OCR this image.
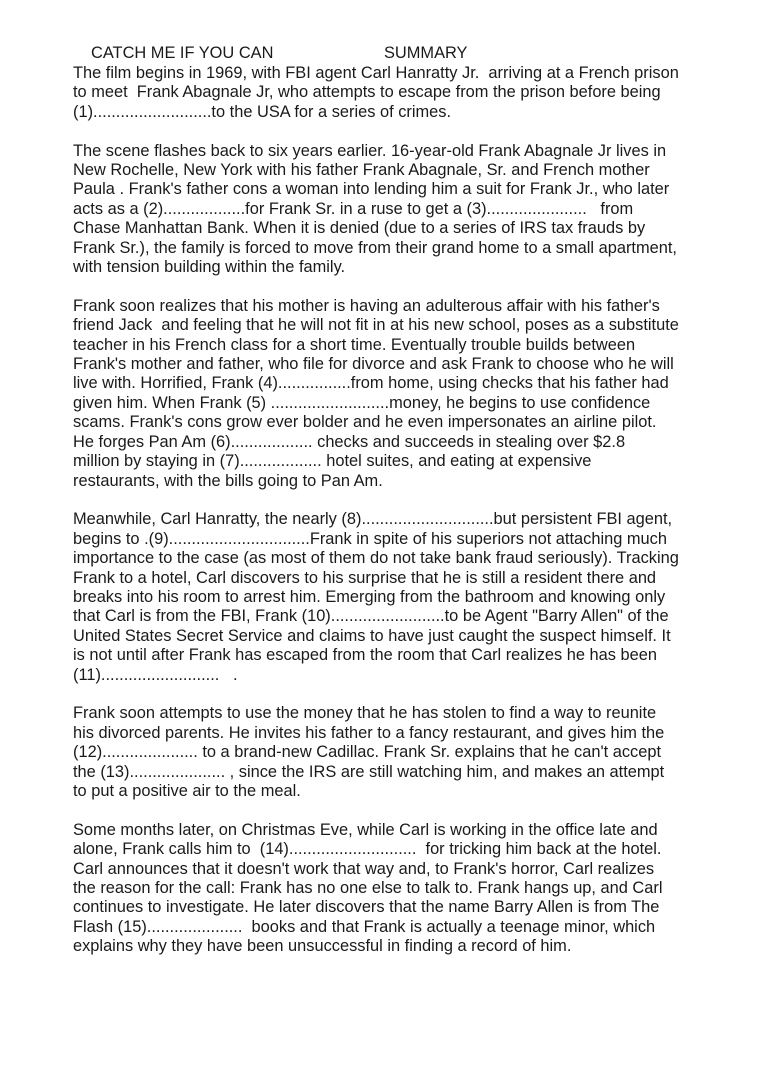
CATCH ME IF YOU CAN	SUMMARY
The film begins in 1969, with FBI agent Carl Hanratty Jr.  arriving at a French prison
to meet  Frank Abagnale Jr, who attempts to escape from the prison before being
(1)..........................to the USA for a series of crimes.
The scene flashes back to six years earlier. 16-year-old Frank Abagnale Jr lives in
New Rochelle, New York with his father Frank Abagnale, Sr. and French mother
Paula . Frank's father cons a woman into lending him a suit for Frank Jr., who later
acts as a (2)..................for Frank Sr. in a ruse to get a (3)......................   from
Chase Manhattan Bank. When it is denied (due to a series of IRS tax frauds by
Frank Sr.), the family is forced to move from their grand home to a small apartment,
with tension building within the family.
Frank soon realizes that his mother is having an adulterous affair with his father's
friend Jack  and feeling that he will not fit in at his new school, poses as a substitute
teacher in his French class for a short time. Eventually trouble builds between
Frank's mother and father, who file for divorce and ask Frank to choose who he will
live with. Horrified, Frank (4)................from home, using checks that his father had
given him. When Frank (5) ..........................money, he begins to use confidence
scams. Frank's cons grow ever bolder and he even impersonates an airline pilot.
He forges Pan Am (6).................. checks and succeeds in stealing over $2.8
million by staying in (7).................. hotel suites, and eating at expensive
restaurants, with the bills going to Pan Am.
Meanwhile, Carl Hanratty, the nearly (8).............................but persistent FBI agent,
begins to .(9)...............................Frank in spite of his superiors not attaching much
importance to the case (as most of them do not take bank fraud seriously). Tracking
Frank to a hotel, Carl discovers to his surprise that he is still a resident there and
breaks into his room to arrest him. Emerging from the bathroom and knowing only
that Carl is from the FBI, Frank (10).........................to be Agent "Barry Allen" of the
United States Secret Service and claims to have just caught the suspect himself. It
is not until after Frank has escaped from the room that Carl realizes he has been
(11)..........................   .
Frank soon attempts to use the money that he has stolen to find a way to reunite
his divorced parents. He invites his father to a fancy restaurant, and gives him the
(12)..................... to a brand-new Cadillac. Frank Sr. explains that he can't accept
the (13)..................... , since the IRS are still watching him, and makes an attempt
to put a positive air to the meal.
Some months later, on Christmas Eve, while Carl is working in the office late and
alone, Frank calls him to  (14)............................  for tricking him back at the hotel.
Carl announces that it doesn't work that way and, to Frank's horror, Carl realizes
the reason for the call: Frank has no one else to talk to. Frank hangs up, and Carl
continues to investigate. He later discovers that the name Barry Allen is from The
Flash (15).....................  books and that Frank is actually a teenage minor, which
explains why they have been unsuccessful in finding a record of him.
